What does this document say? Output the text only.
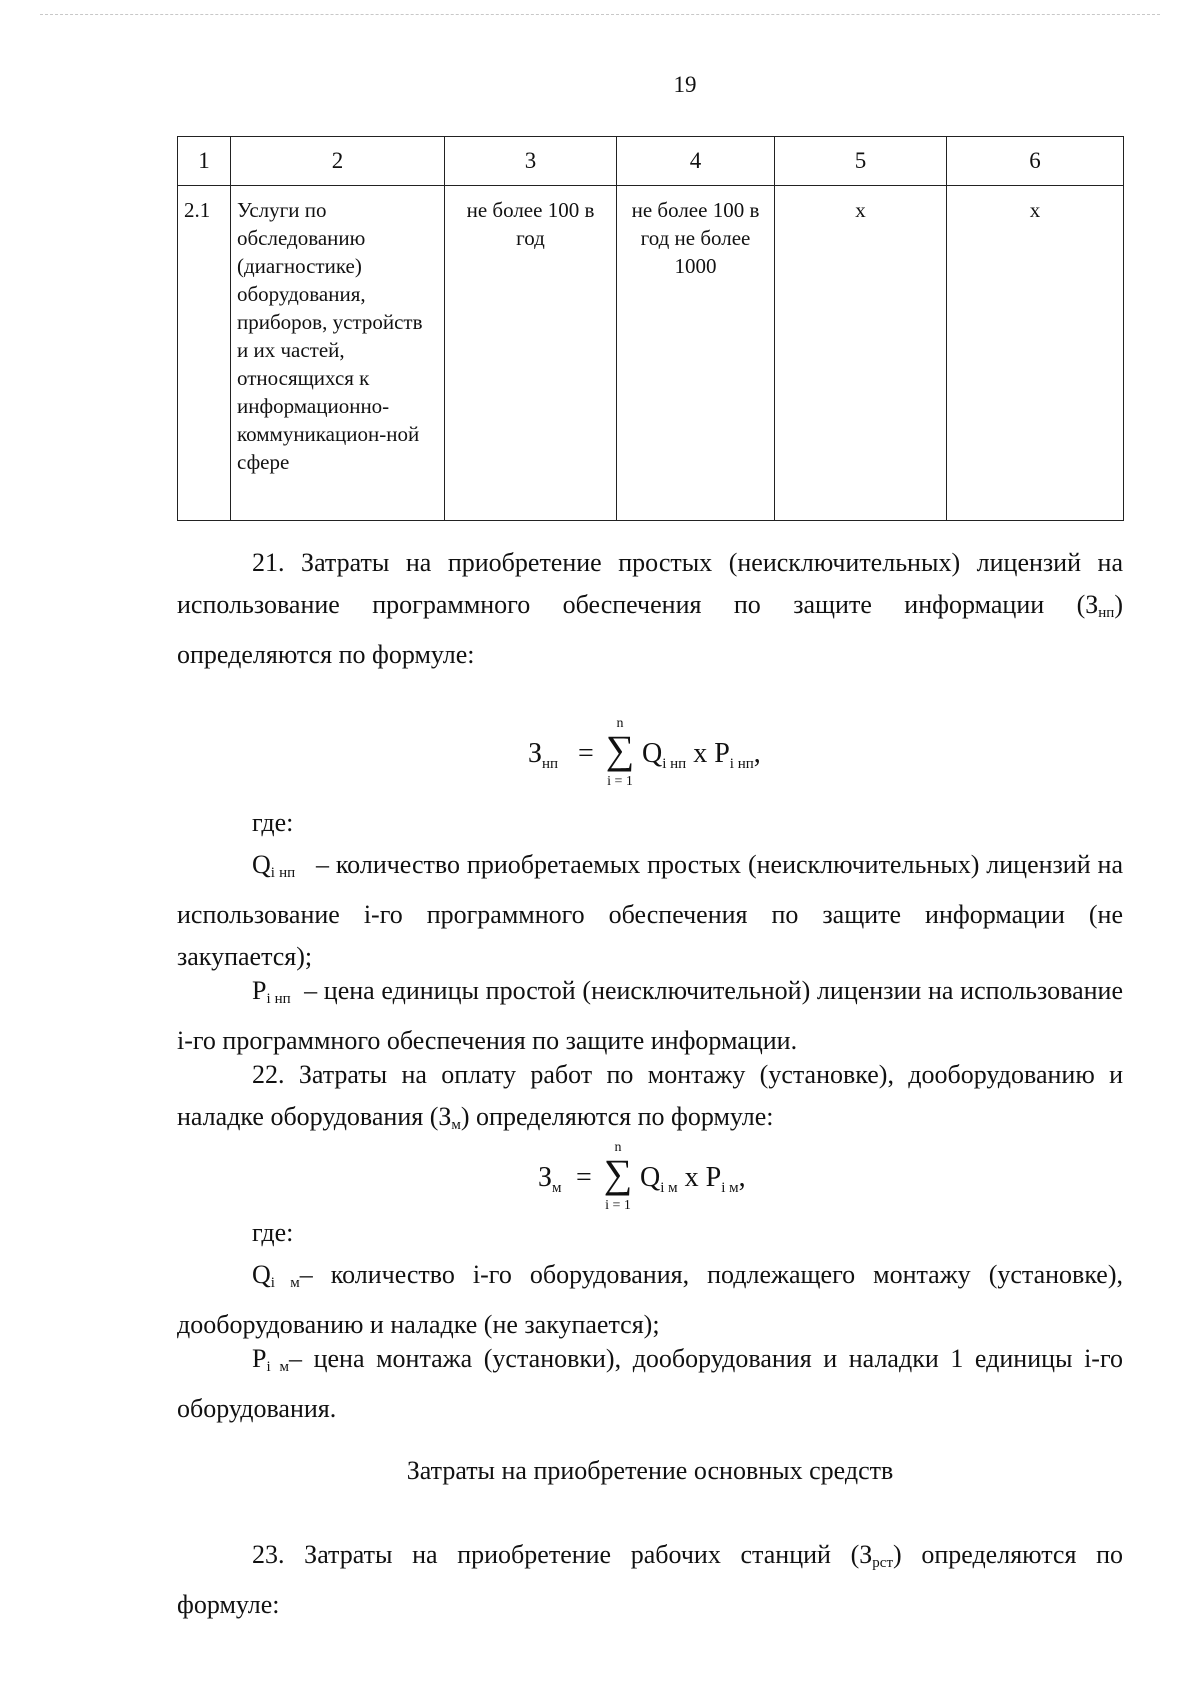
19
1	2	3	4	5	6
2.1	Услуги по обследованию (диагностике) оборудования, приборов, устройств и их частей, относящихся к информационно-коммуникацион-ной сфере	не более 100 в год	не более 100 в год не более 1000	x	x
21. Затраты на приобретение простых (неисключительных) лицензий на использование программного обеспечения по защите информации $(З_{нп})$ определяются по формуле:
$З_{нп}$ =
n
∑
i = 1
$Q_{i нп}$ x $P_{i нп}$,
где:
$Q_{i нп}$ – количество приобретаемых простых (неисключительных) лицензий на использование i-го программного обеспечения по защите информации (не закупается);
$P_{i нп}$ – цена единицы простой (неисключительной) лицензии на использование i-го программного обеспечения по защите информации.
22. Затраты на оплату работ по монтажу (установке), дооборудованию и наладке оборудования $(З_м)$ определяются по формуле:
$З_м$ =
n
∑
i = 1
$Q_{i м}$ x $P_{i м}$,
где:
$Q_{i м}-$ количество i-го оборудования, подлежащего монтажу (установке), дооборудованию и наладке (не закупается);
$P_{i м}-$ цена монтажа (установки), дооборудования и наладки 1 единицы i-го оборудования.
Затраты на приобретение основных средств
23. Затраты на приобретение рабочих станций $(З_{рст})$ определяются по формуле:
